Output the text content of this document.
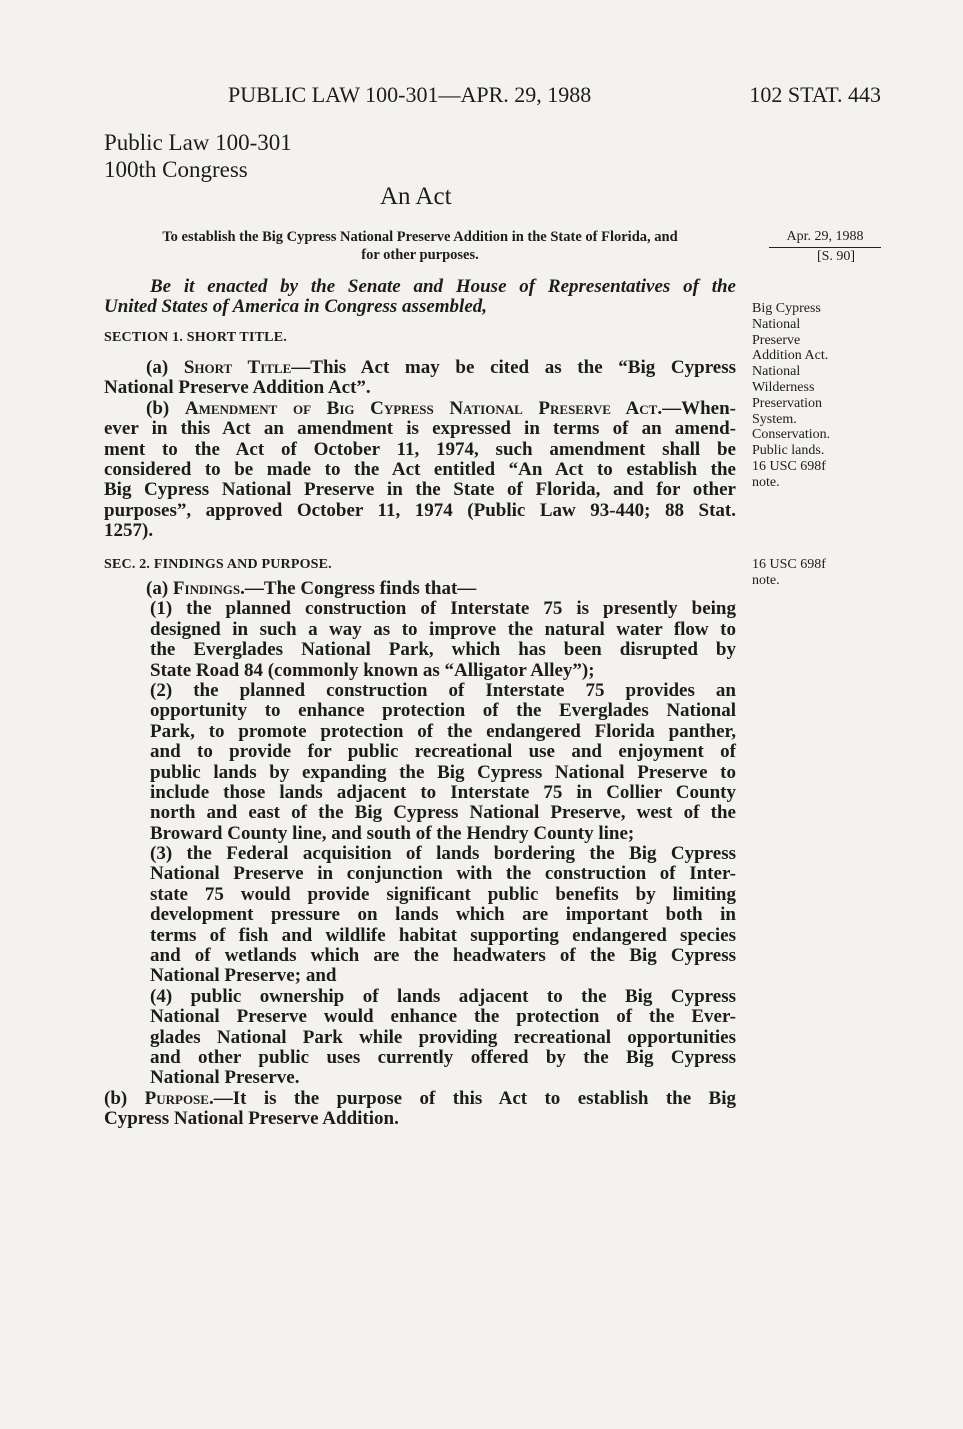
PUBLIC LAW 100-301—APR. 29, 1988	102 STAT. 443
Public Law 100-301
100th Congress
An Act
To establish the Big Cypress National Preserve Addition in the State of Florida, and
for other purposes.
Apr. 29, 1988
[S. 90]
Be it enacted by the Senate and House of Representatives of the
United States of America in Congress assembled,
SECTION 1. SHORT TITLE.
(a) Short Title—This Act may be cited as the “Big Cypress
National Preserve Addition Act”.
(b) Amendment of Big Cypress National Preserve Act.—When-
ever in this Act an amendment is expressed in terms of an amend-
ment to the Act of October 11, 1974, such amendment shall be
considered to be made to the Act entitled “An Act to establish the
Big Cypress National Preserve in the State of Florida, and for other
purposes”, approved October 11, 1974 (Public Law 93-440; 88 Stat.
1257).
Big Cypress
National
Preserve
Addition Act.
National
Wilderness
Preservation
System.
Conservation.
Public lands.
16 USC 698f
note.
SEC. 2. FINDINGS AND PURPOSE.
(a) Findings.—The Congress finds that—
(1) the planned construction of Interstate 75 is presently being
designed in such a way as to improve the natural water flow to
the Everglades National Park, which has been disrupted by
State Road 84 (commonly known as “Alligator Alley”);
(2) the planned construction of Interstate 75 provides an
opportunity to enhance protection of the Everglades National
Park, to promote protection of the endangered Florida panther,
and to provide for public recreational use and enjoyment of
public lands by expanding the Big Cypress National Preserve to
include those lands adjacent to Interstate 75 in Collier County
north and east of the Big Cypress National Preserve, west of the
Broward County line, and south of the Hendry County line;
(3) the Federal acquisition of lands bordering the Big Cypress
National Preserve in conjunction with the construction of Inter-
state 75 would provide significant public benefits by limiting
development pressure on lands which are important both in
terms of fish and wildlife habitat supporting endangered species
and of wetlands which are the headwaters of the Big Cypress
National Preserve; and
(4) public ownership of lands adjacent to the Big Cypress
National Preserve would enhance the protection of the Ever-
glades National Park while providing recreational opportunities
and other public uses currently offered by the Big Cypress
National Preserve.
(b) Purpose.—It is the purpose of this Act to establish the Big
Cypress National Preserve Addition.
16 USC 698f
note.
